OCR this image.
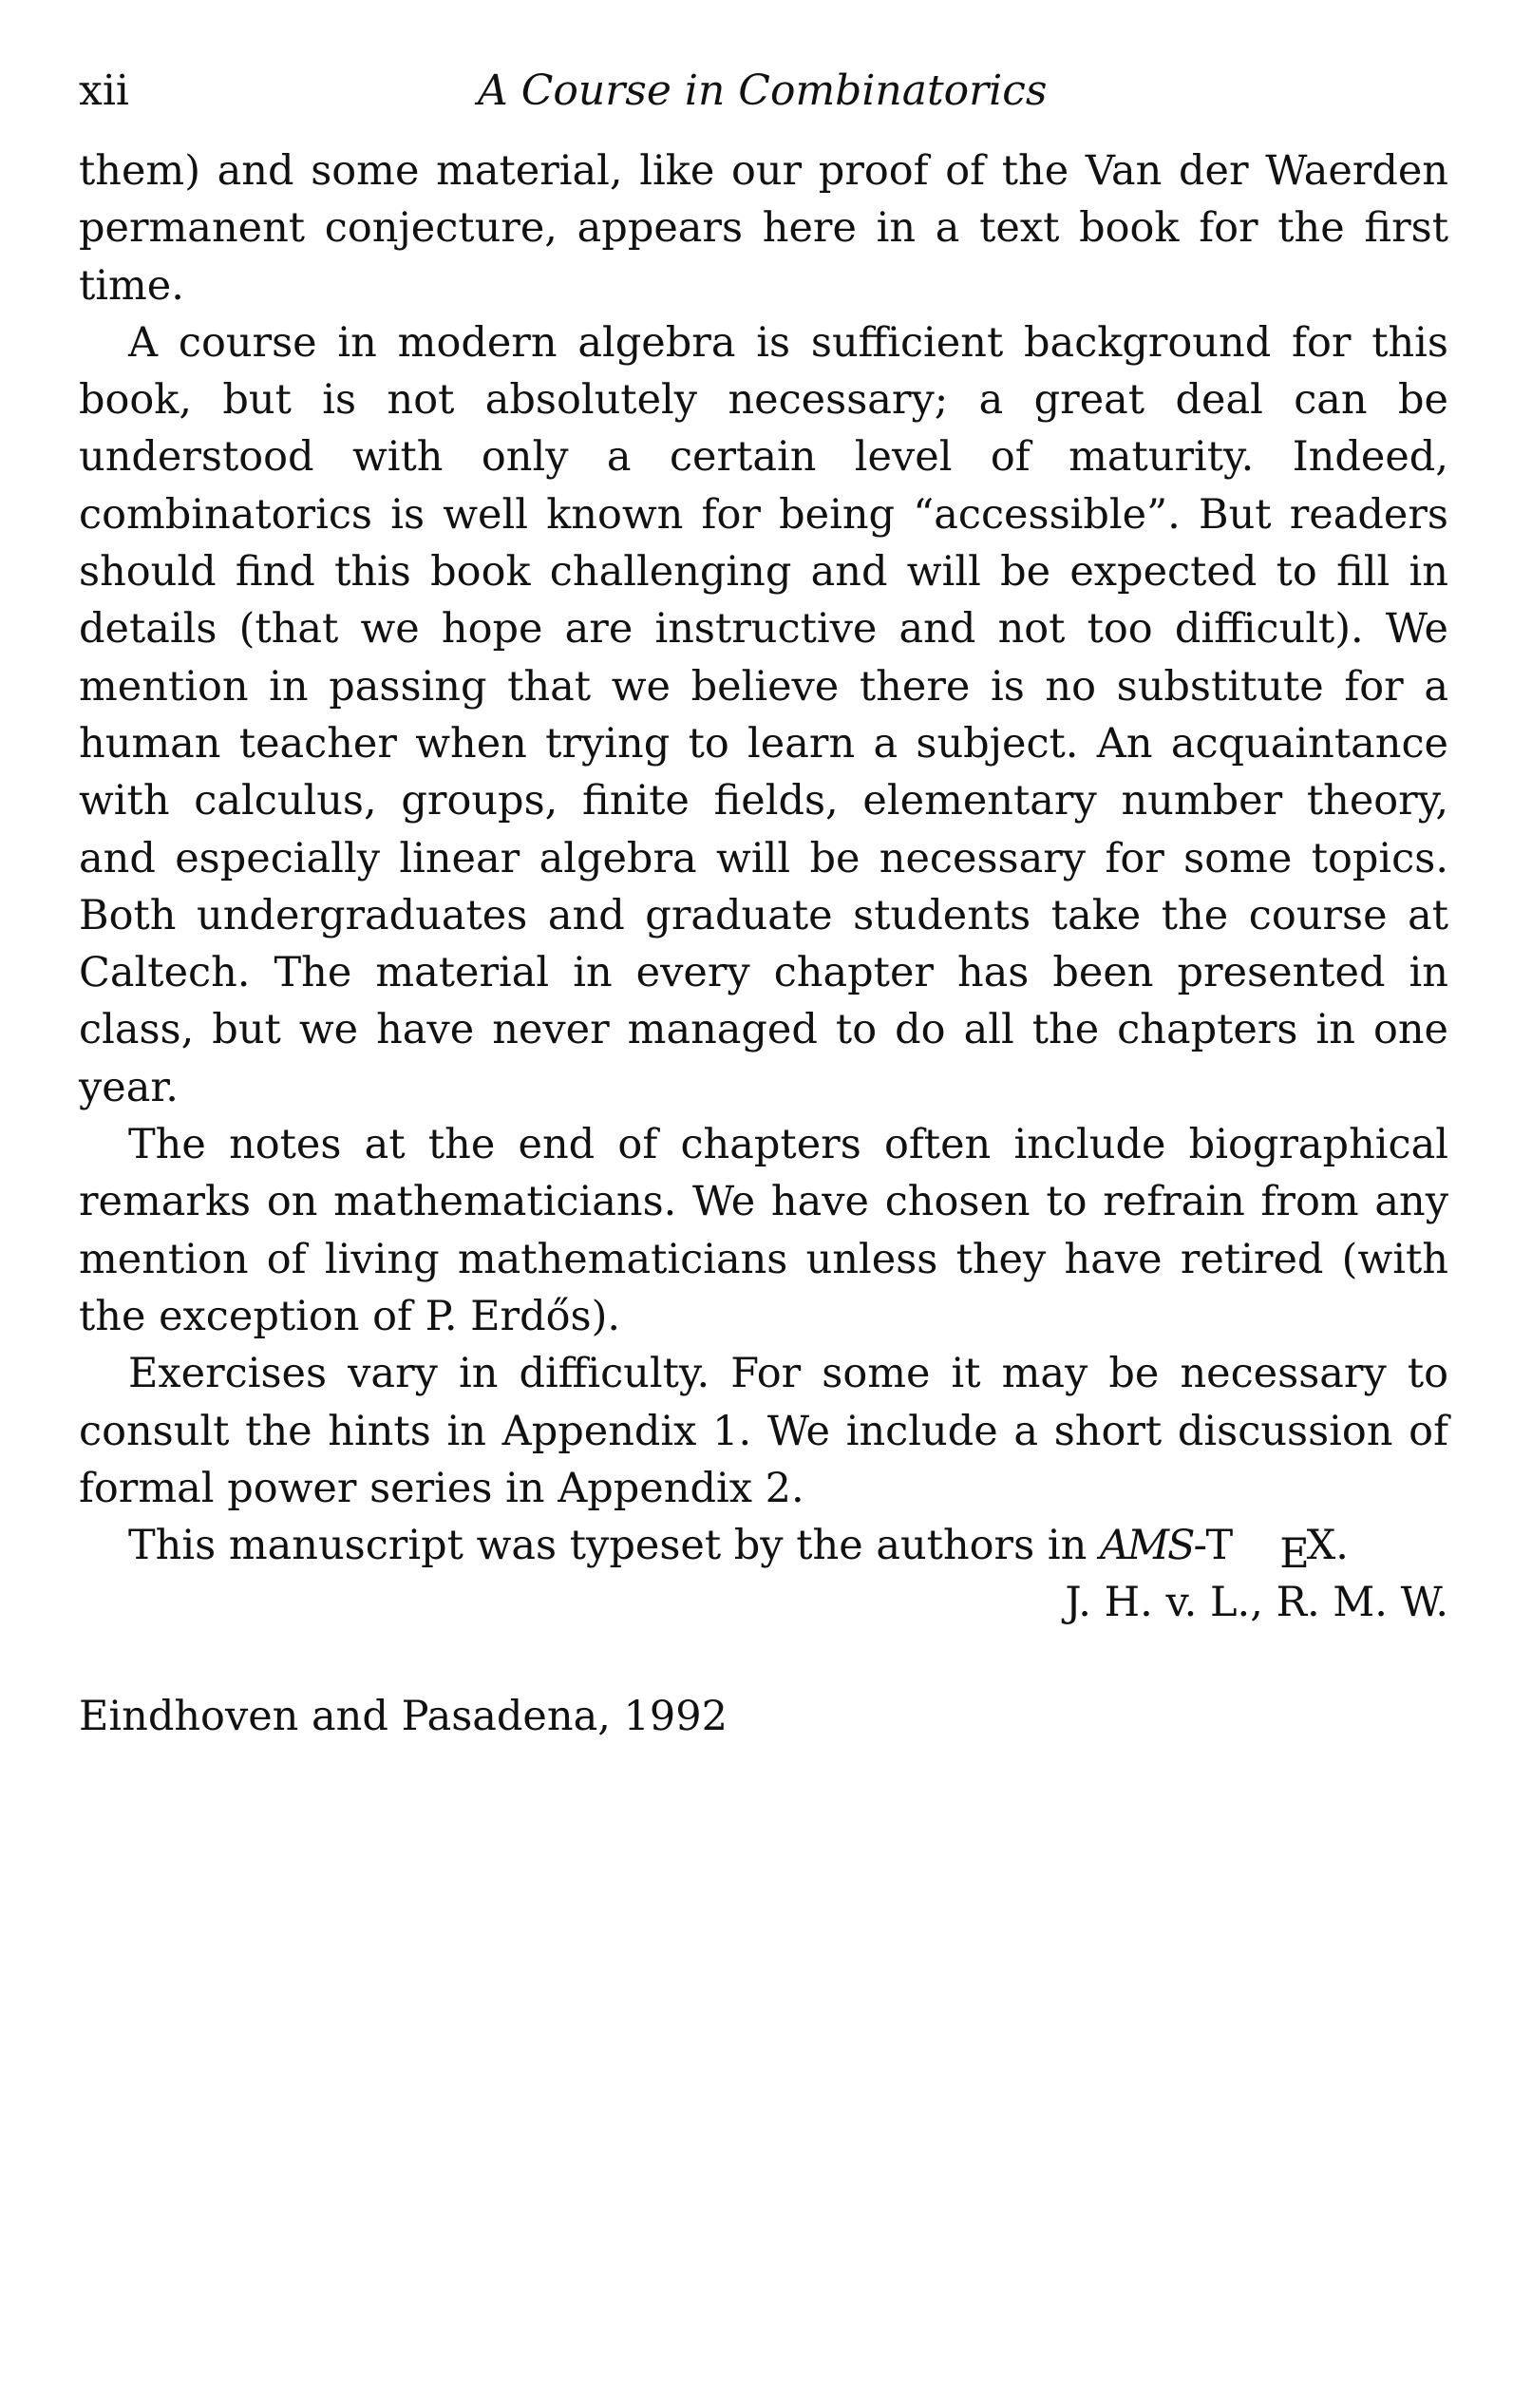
xii	A Course in Combinatorics

them) and some material, like our proof of the Van der Waerden permanent conjecture, appears here in a text book for the first time.

A course in modern algebra is sufficient background for this book, but is not absolutely necessary; a great deal can be understood with only a certain level of maturity. Indeed, combinatorics is well known for being “accessible”. But readers should find this book challenging and will be expected to fill in details (that we hope are instructive and not too difficult). We mention in passing that we believe there is no substitute for a human teacher when trying to learn a subject. An acquaintance with calculus, groups, finite fields, elementary number theory, and especially linear algebra will be necessary for some topics. Both undergraduates and graduate students take the course at Caltech. The material in every chapter has been presented in class, but we have never managed to do all the chapters in one year.

The notes at the end of chapters often include biographical remarks on mathematicians. We have chosen to refrain from any mention of living mathematicians unless they have retired (with the exception of P. Erdős).

Exercises vary in difficulty. For some it may be necessary to consult the hints in Appendix 1. We include a short discussion of formal power series in Appendix 2.

This manuscript was typeset by the authors in AMS-T EX.

J. H. v. L., R. M. W.
Eindhoven and Pasadena, 1992
